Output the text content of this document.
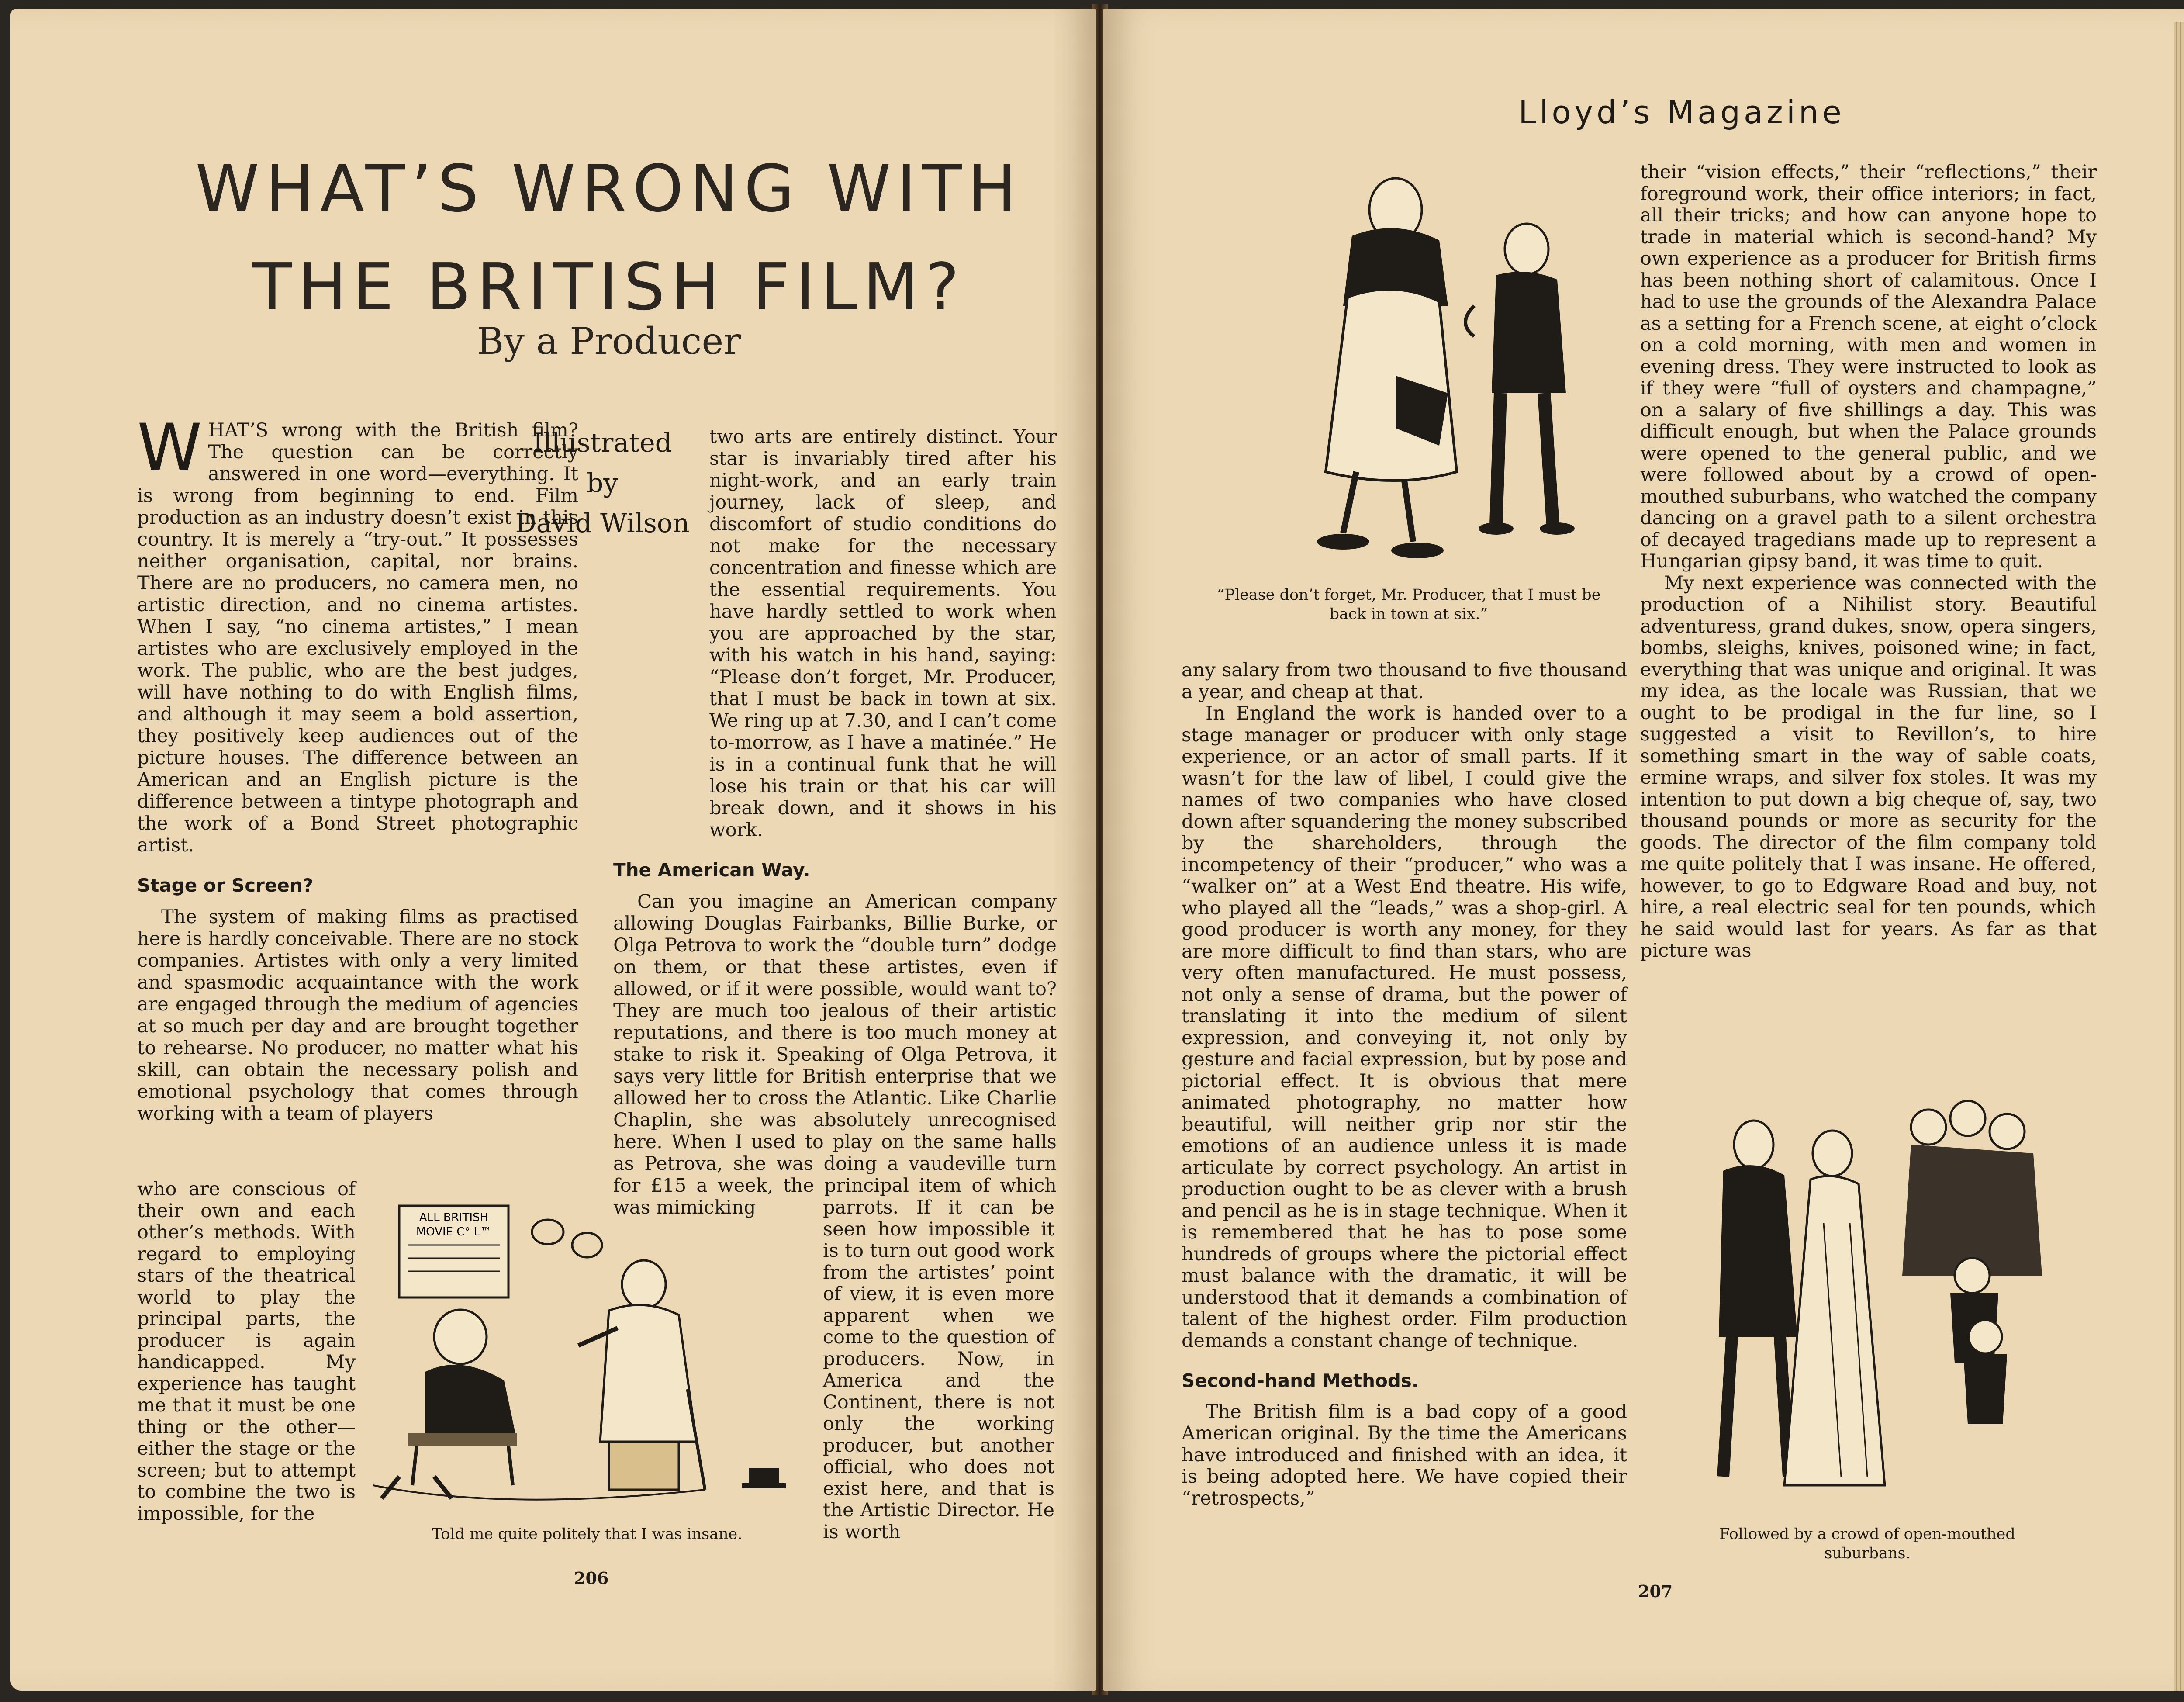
WHAT’S WRONG WITH
THE BRITISH FILM?
By a Producer
Illustrated
by
David Wilson

WHAT’S wrong with the British film? The question can be correctly answered in one word—everything. It is wrong from beginning to end. Film production as an industry doesn’t exist in this country. It is merely a “try-out.” It possesses neither organisation, capital, nor brains. There are no producers, no camera men, no artistic direction, and no cinema artistes. When I say, “no cinema artistes,” I mean artistes who are exclusively employed in the work. The public, who are the best judges, will have nothing to do with English films, and although it may seem a bold assertion, they positively keep audiences out of the picture houses. The difference between an American and an English picture is the difference between a tintype photograph and the work of a Bond Street photographic artist.

Stage or Screen?

The system of making films as practised here is hardly conceivable. There are no stock companies. Artistes with only a very limited and spasmodic acquaintance with the work are engaged through the medium of agencies at so much per day and are brought together to rehearse. No producer, no matter what his skill, can obtain the necessary polish and emotional psychology that comes through working with a team of players

who are conscious of their own and each other’s methods. With regard to employing stars of the theatrical world to play the principal parts, the producer is again handicapped. My experience has taught me that it must be one thing or the other—either the stage or the screen; but to attempt to combine the two is impossible, for the

two arts are entirely distinct. Your star is invariably tired after his night-work, and an early train journey, lack of sleep, and discomfort of studio conditions do not make for the necessary concentration and finesse which are the essential requirements. You have hardly settled to work when you are approached by the star, with his watch in his hand, saying: “Please don’t forget, Mr. Producer, that I must be back in town at six. We ring up at 7.30, and I can’t come to-morrow, as I have a matinée.” He is in a continual funk that he will lose his train or that his car will break down, and it shows in his work.

The American Way.

Can you imagine an American company allowing Douglas Fairbanks, Billie Burke, or Olga Petrova to work the “double turn” dodge on them, or that these artistes, even if allowed, or if it were possible, would want to? They are much too jealous of their artistic reputations, and there is too much money at stake to risk it. Speaking of Olga Petrova, it says very little for British enterprise that we allowed her to cross the Atlantic. Like Charlie Chaplin, she was absolutely unrecognised here. When I used to play on the same halls as Petrova, she was doing a vaudeville turn for £15 a week, the principal item of which was mimicking	parrots. If it can be seen how impossible it is to turn out good work from the artistes’ point of view, it is even more apparent when we come to the question of producers. Now, in America and the Continent, there is not only the working producer, but another official, who does not exist here, and that is the Artistic Director. He is worth

ALL BRITISH
MOVIE C° L™
Told me quite politely that I was insane.
206
Lloyd’s Magazine
“Please don’t forget, Mr. Producer, that I must be back in town at six.”

any salary from two thousand to five thousand a year, and cheap at that.

In England the work is handed over to a stage manager or producer with only stage experience, or an actor of small parts. If it wasn’t for the law of libel, I could give the names of two companies who have closed down after squandering the money subscribed by the shareholders, through the incompetency of their “producer,” who was a “walker on” at a West End theatre. His wife, who played all the “leads,” was a shop-girl. A good producer is worth any money, for they are more difficult to find than stars, who are very often manufactured. He must possess, not only a sense of drama, but the power of translating it into the medium of silent expression, and conveying it, not only by gesture and facial expression, but by pose and pictorial effect. It is obvious that mere animated photography, no matter how beautiful, will neither grip nor stir the emotions of an audience unless it is made articulate by correct psychology. An artist in production ought to be as clever with a brush and pencil as he is in stage technique. When it is remembered that he has to pose some hundreds of groups where the pictorial effect must balance with the dramatic, it will be understood that it demands a combination of talent of the highest order. Film production demands a constant change of technique.

Second-hand Methods.

The British film is a bad copy of a good American original. By the time the Americans have introduced and finished with an idea, it is being adopted here. We have copied their “retrospects,”

their “vision effects,” their “reflections,” their foreground work, their office interiors; in fact, all their tricks; and how can anyone hope to trade in material which is second-hand? My own experience as a producer for British firms has been nothing short of calamitous. Once I had to use the grounds of the Alexandra Palace as a setting for a French scene, at eight o’clock on a cold morning, with men and women in evening dress. They were instructed to look as if they were “full of oysters and champagne,” on a salary of five shillings a day. This was difficult enough, but when the Palace grounds were opened to the general public, and we were followed about by a crowd of open-mouthed suburbans, who watched the company dancing on a gravel path to a silent orchestra of decayed tragedians made up to represent a Hungarian gipsy band, it was time to quit.

My next experience was connected with the production of a Nihilist story. Beautiful adventuress, grand dukes, snow, opera singers, bombs, sleighs, knives, poisoned wine; in fact, everything that was unique and original. It was my idea, as the locale was Russian, that we ought to be prodigal in the fur line, so I suggested a visit to Revillon’s, to hire something smart in the way of sable coats, ermine wraps, and silver fox stoles. It was my intention to put down a big cheque of, say, two thousand pounds or more as security for the goods. The director of the film company told me quite politely that I was insane. He offered, however, to go to Edgware Road and buy, not hire, a real electric seal for ten pounds, which he said would last for years. As far as that picture was

Followed by a crowd of open-mouthed suburbans.
207
